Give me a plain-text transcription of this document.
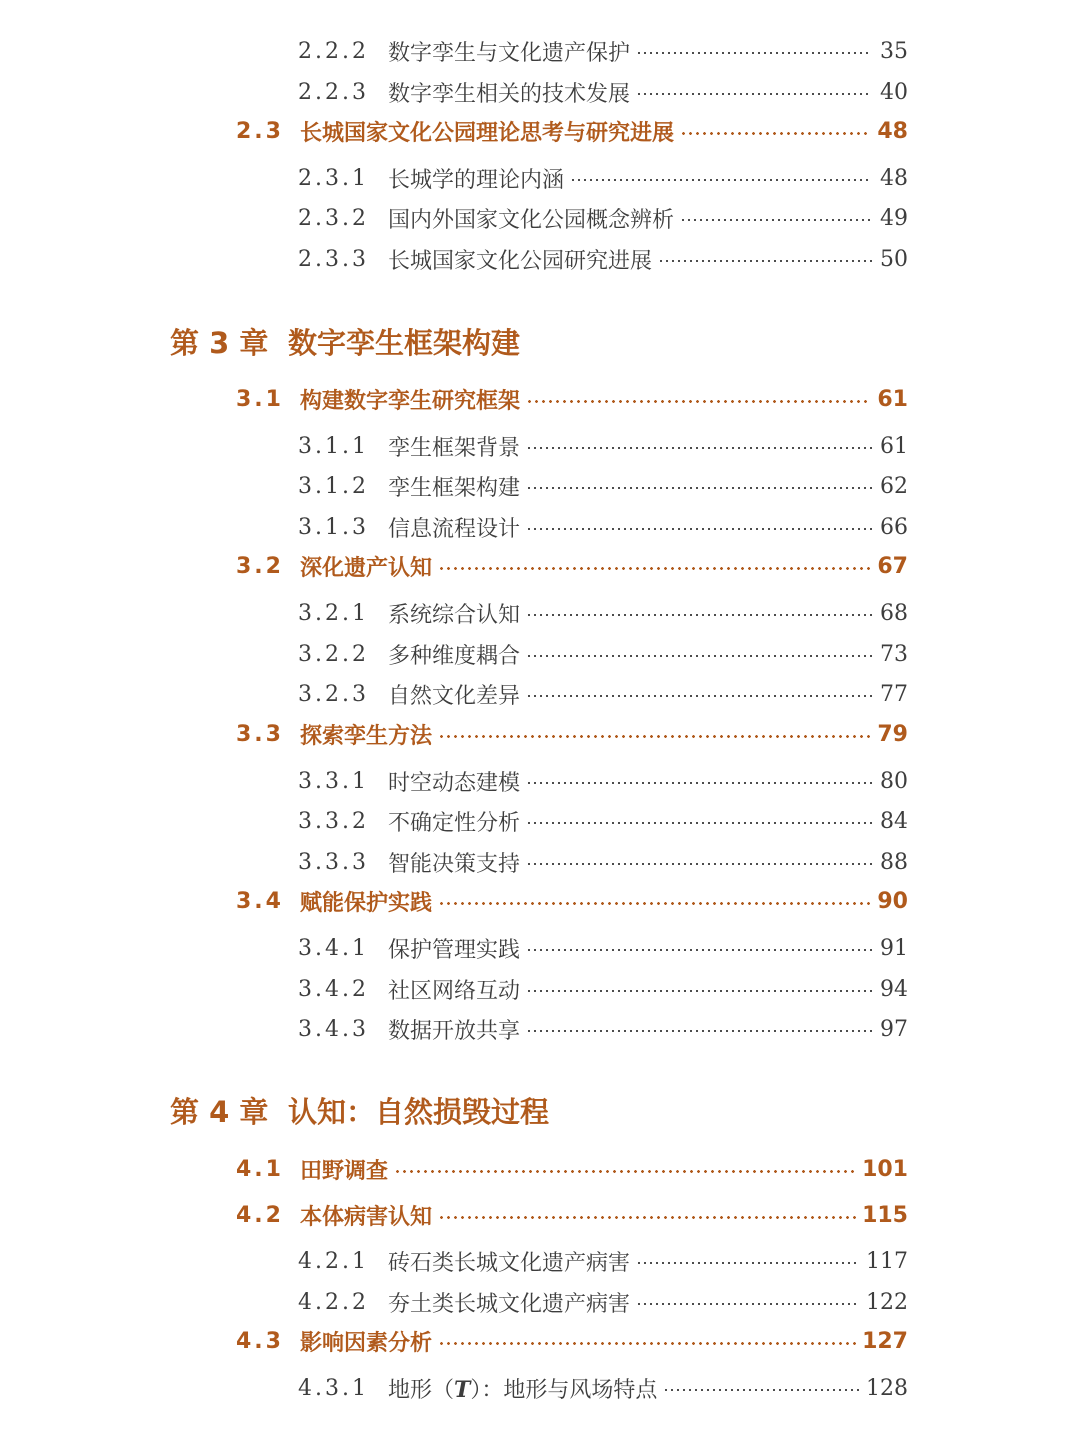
2.2.2 数字孪生与文化遗产保护	35
2.2.3 数字孪生相关的技术发展	40
2.3 长城国家文化公园理论思考与研究进展	48
2.3.1 长城学的理论内涵	48
2.3.2 国内外国家文化公园概念辨析	49
2.3.3 长城国家文化公园研究进展	50
第 3 章 数字孪生框架构建
3.1 构建数字孪生研究框架	61
3.1.1 孪生框架背景	61
3.1.2 孪生框架构建	62
3.1.3 信息流程设计	66
3.2 深化遗产认知	67
3.2.1 系统综合认知	68
3.2.2 多种维度耦合	73
3.2.3 自然文化差异	77
3.3 探索孪生方法	79
3.3.1 时空动态建模	80
3.3.2 不确定性分析	84
3.3.3 智能决策支持	88
3.4 赋能保护实践	90
3.4.1 保护管理实践	91
3.4.2 社区网络互动	94
3.4.3 数据开放共享	97
第 4 章 认知：自然损毁过程
4.1 田野调查	101
4.2 本体病害认知	115
4.2.1 砖石类长城文化遗产病害	117
4.2.2 夯土类长城文化遗产病害	122
4.3 影响因素分析	127
4.3.1 地形（T）：地形与风场特点	128
